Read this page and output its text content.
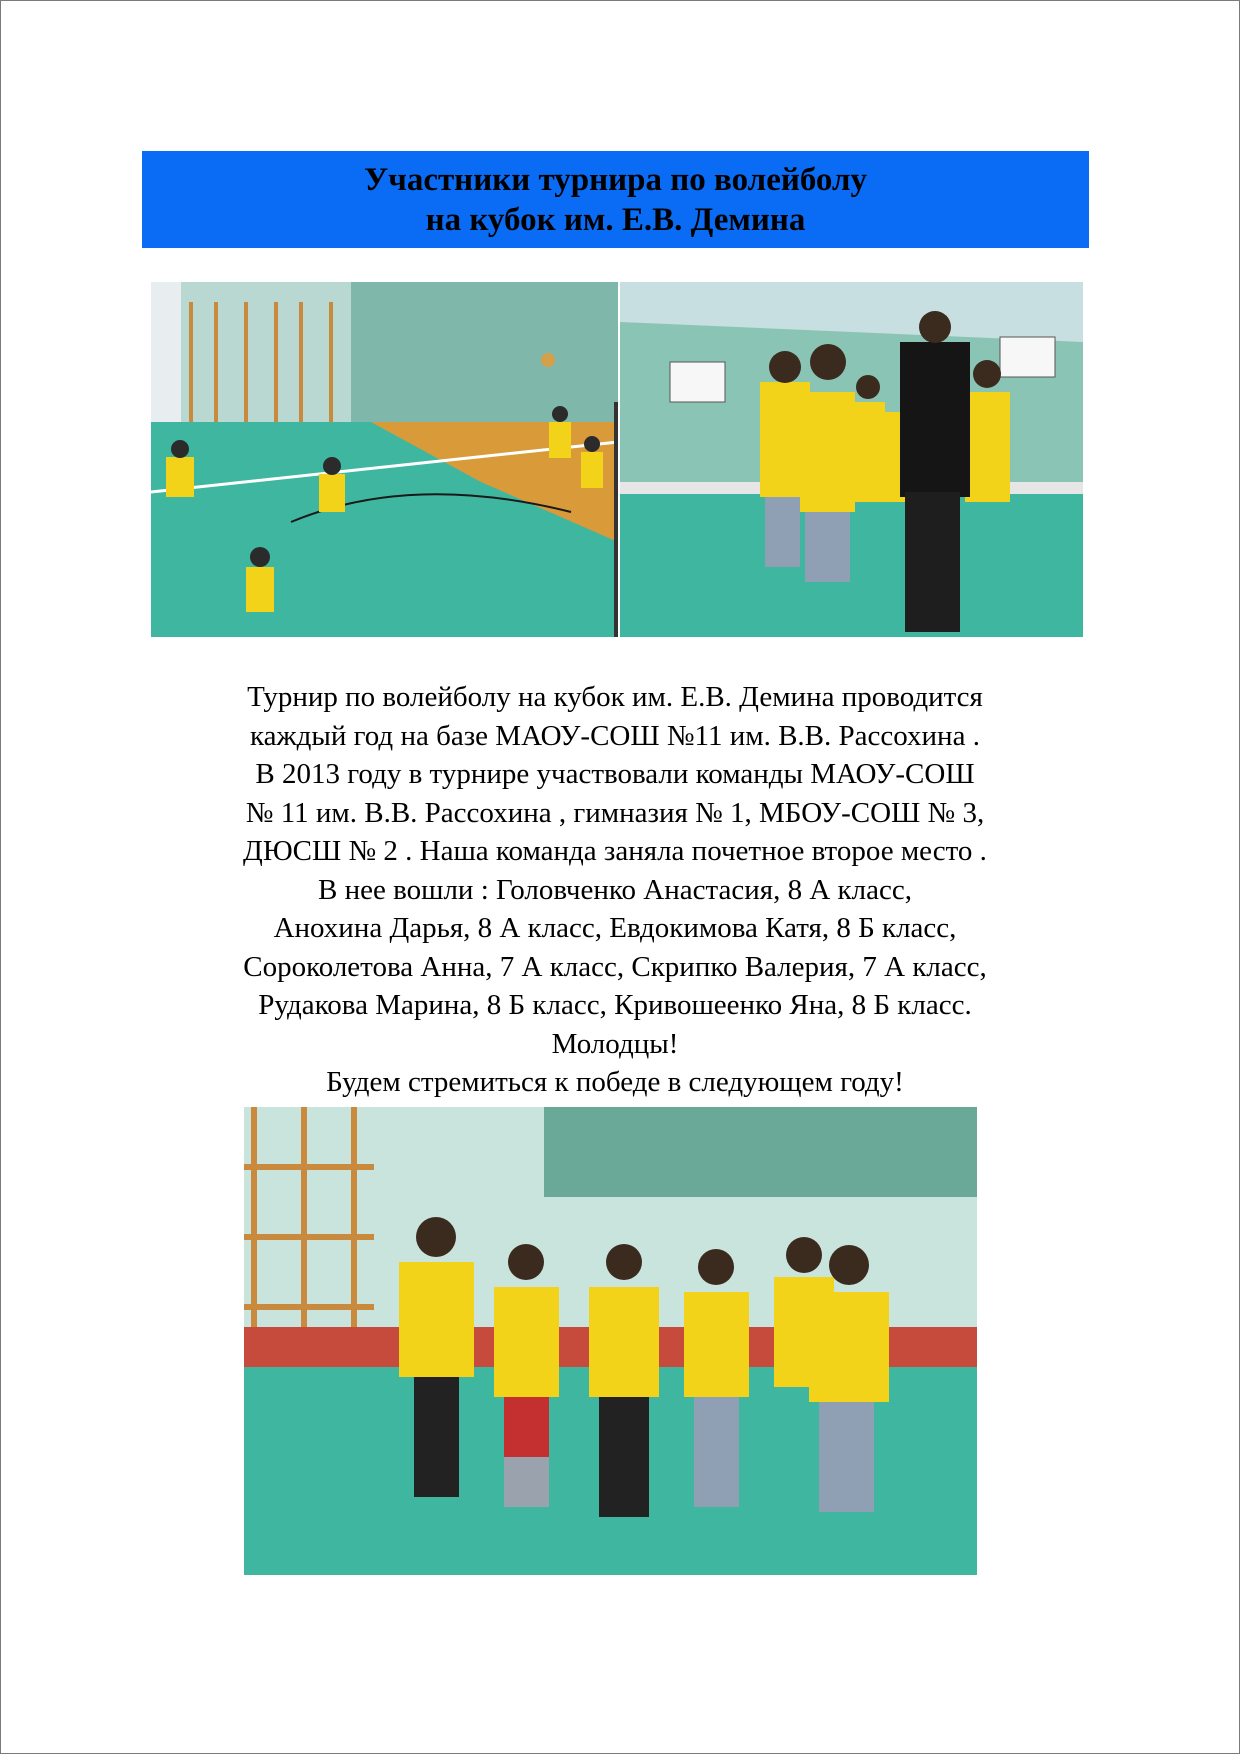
Участники турнира по волейболу
на кубок им. Е.В. Демина

Турнир по волейболу на кубок им. Е.В. Демина проводится

каждый год на базе МАОУ-СОШ №11 им. В.В. Рассохина .

В 2013 году в турнире участвовали команды МАОУ-СОШ

№ 11 им. В.В. Рассохина , гимназия № 1, МБОУ-СОШ № 3,

ДЮСШ № 2 . Наша команда заняла почетное второе место .

В нее вошли : Головченко Анастасия, 8 А класс,

Анохина Дарья, 8 А класс, Евдокимова Катя, 8 Б класс,

Сороколетова Анна, 7 А класс, Скрипко Валерия, 7 А класс,

Рудакова Марина, 8 Б класс, Кривошеенко Яна, 8 Б класс.

Молодцы!

Будем стремиться к победе в следующем году!
